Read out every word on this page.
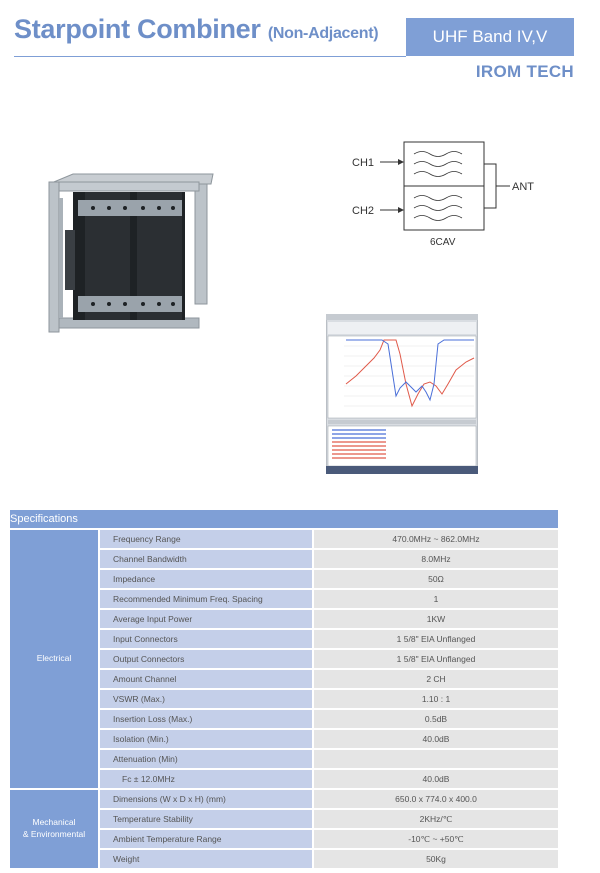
Starpoint Combiner (Non-Adjacent)	UHF Band IV,V
IROM TECH
CH1
CH2
ANT
6CAV
Specifications		
Electrical	Frequency Range	470.0MHz ~ 862.0MHz
	Channel Bandwidth	8.0MHz
	Impedance	50Ω
	Recommended Minimum Freq. Spacing	1
	Average Input Power	1KW
	Input Connectors	1 5/8" EIA Unflanged
	Output Connectors	1 5/8" EIA Unflanged
	Amount Channel	2 CH
	VSWR (Max.)	1.10 : 1
	Insertion Loss (Max.)	0.5dB
	Isolation (Min.)	40.0dB
	Attenuation (Min)	
	Fc ± 12.0MHz	40.0dB
Mechanical
& Environmental	Dimensions (W x D x H) (mm)	650.0 x 774.0 x 400.0
	Temperature Stability	2KHz/℃
	Ambient Temperature Range	-10℃ ~ +50℃
	Weight	50Kg
